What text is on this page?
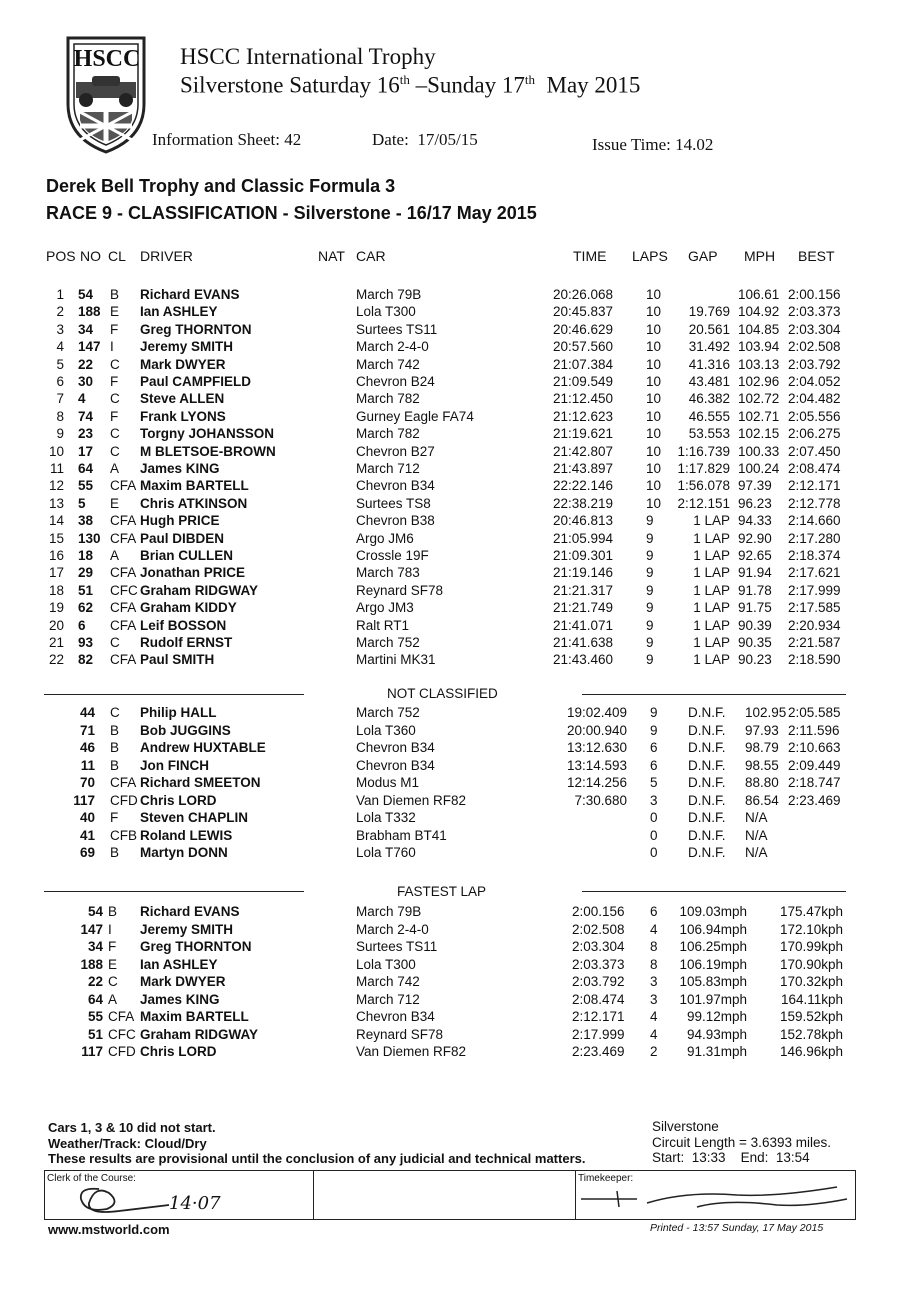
HSCC	HSCC International Trophy
Silverstone Saturday 16th –Sunday 17th  May 2015
Information Sheet: 42	Date: 17/05/15	Issue Time: 14.02
Derek Bell Trophy and Classic Formula 3
RACE 9 - CLASSIFICATION - Silverstone - 16/17 May 2015
POS NO CL DRIVER	NAT CAR	TIME LAPS GAP MPH BEST
1 54 B Richard EVANS	March 79B	20:26.068 10	106.61 2:00.156
2 188 E Ian ASHLEY	Lola T300	20:45.837 10 19.769 104.92 2:03.373
3 34 F Greg THORNTON	Surtees TS11	20:46.629 10 20.561 104.85 2:03.304
4 147 I Jeremy SMITH	March 2-4-0	20:57.560 10 31.492 103.94 2:02.508
5 22 C Mark DWYER	March 742	21:07.384 10 41.316 103.13 2:03.792
6 30 F Paul CAMPFIELD	Chevron B24	21:09.549 10 43.481 102.96 2:04.052
7 4 C Steve ALLEN	March 782	21:12.450 10 46.382 102.72 2:04.482
8 74 F Frank LYONS	Gurney Eagle FA74	21:12.623 10 46.555 102.71 2:05.556
9 23 C Torgny JOHANSSON	March 782	21:19.621 10 53.553 102.15 2:06.275
10 17 C M BLETSOE-BROWN	Chevron B27	21:42.807 10 1:16.739 100.33 2:07.450
11 64 A James KING	March 712	21:43.897 10 1:17.829 100.24 2:08.474
12 55 CFA Maxim BARTELL	Chevron B34	22:22.146 10 1:56.078 97.39 2:12.171
13 5 E Chris ATKINSON	Surtees TS8	22:38.219 10 2:12.151 96.23 2:12.778
14 38 CFA Hugh PRICE	Chevron B38	20:46.813 9	1 LAP 94.33 2:14.660
15 130 CFA Paul DIBDEN	Argo JM6	21:05.994 9	1 LAP 92.90 2:17.280
16 18 A Brian CULLEN	Crossle 19F	21:09.301 9	1 LAP 92.65 2:18.374
17 29 CFA Jonathan PRICE	March 783	21:19.146 9	1 LAP 91.94 2:17.621
18 51 CFC Graham RIDGWAY	Reynard SF78	21:21.317 9	1 LAP 91.78 2:17.999
19 62 CFA Graham KIDDY	Argo JM3	21:21.749 9	1 LAP 91.75 2:17.585
20 6 CFA Leif BOSSON	Ralt RT1	21:41.071 9	1 LAP 90.39 2:20.934
21 93 C Rudolf ERNST	March 752	21:41.638 9	1 LAP 90.35 2:21.587
22 82 CFA Paul SMITH	Martini MK31	21:43.460 9	1 LAP 90.23 2:18.590
NOT CLASSIFIED
44 C Philip HALL	March 752	19:02.409 9 D.N.F. 102.95 2:05.585
71 B Bob JUGGINS	Lola T360	20:00.940 9 D.N.F. 97.93 2:11.596
46 B Andrew HUXTABLE	Chevron B34	13:12.630 6 D.N.F. 98.79 2:10.663
11 B Jon FINCH	Chevron B34	13:14.593 6 D.N.F. 98.55 2:09.449
70 CFA Richard SMEETON	Modus M1	12:14.256 5 D.N.F. 88.80 2:18.747
117 CFD Chris LORD	Van Diemen RF82	7:30.680 3 D.N.F. 86.54 2:23.469
40 F Steven CHAPLIN	Lola T332	0 D.N.F. N/A
41 CFB Roland LEWIS	Brabham BT41	0 D.N.F. N/A
69 B Martyn DONN	Lola T760	0 D.N.F. N/A
FASTEST LAP
54 B Richard EVANS	March 79B	2:00.156 6 109.03mph 175.47kph
147 I Jeremy SMITH	March 2-4-0	2:02.508 4 106.94mph 172.10kph
34 F Greg THORNTON	Surtees TS11	2:03.304 8 106.25mph 170.99kph
188 E Ian ASHLEY	Lola T300	2:03.373 8 106.19mph 170.90kph
22 C Mark DWYER	March 742	2:03.792 3 105.83mph 170.32kph
64 A James KING	March 712	2:08.474 3 101.97mph	164.11kph
55 CFA Maxim BARTELL	Chevron B34	2:12.171 4 99.12mph 159.52kph
51 CFC Graham RIDGWAY	Reynard SF78	2:17.999 4 94.93mph 152.78kph
117 CFD Chris LORD	Van Diemen RF82	2:23.469 2 91.31mph 146.96kph
Cars 1, 3 & 10 did not start.
Weather/Track: Cloud/Dry
These results are provisional until the conclusion of any judicial and technical matters.
Silverstone
Circuit Length = 3.6393 miles.
Start: 13:33 End: 13:54
Clerk of the Course:
14·07
Timekeeper:
www.mstworld.com	Printed - 13:57 Sunday, 17 May 2015
